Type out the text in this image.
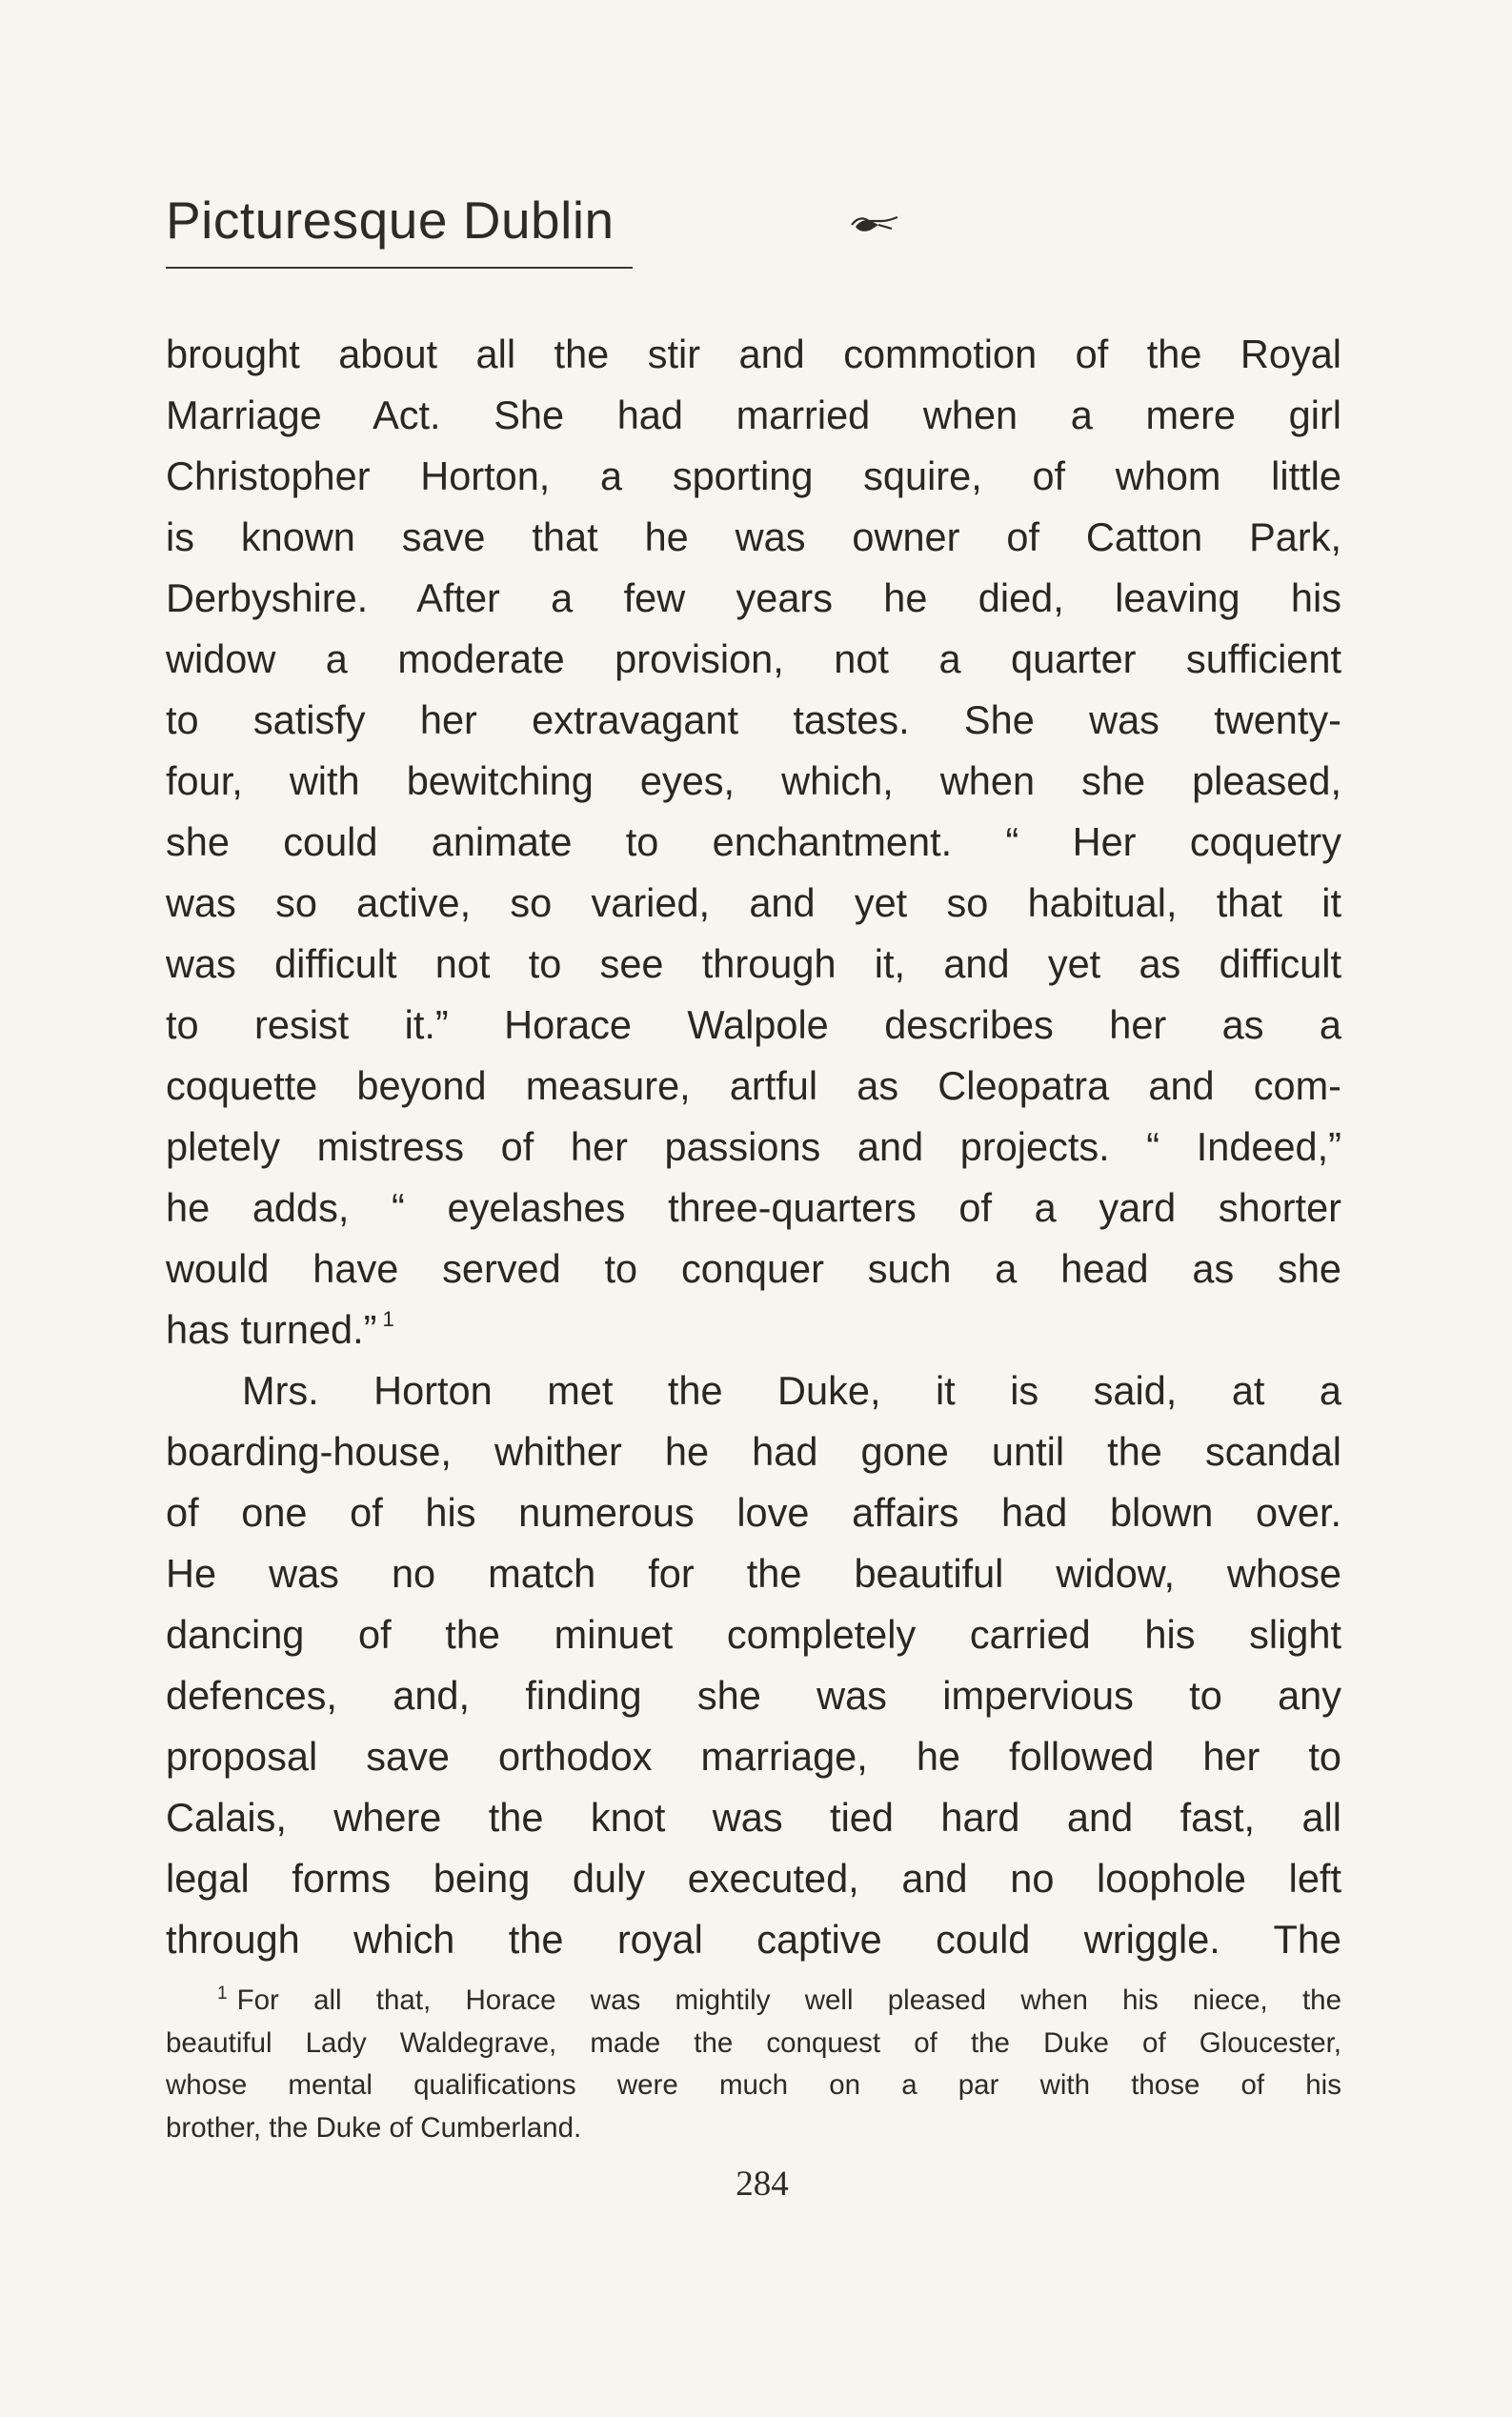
Picturesque Dublin
brought about all the stir and commotion of the Royal
Marriage Act. She had married when a mere girl
Christopher Horton, a sporting squire, of whom little
is known save that he was owner of Catton Park,
Derbyshire. After a few years he died, leaving his
widow a moderate provision, not a quarter sufficient
to satisfy her extravagant tastes. She was twenty-
four, with bewitching eyes, which, when she pleased,
she could animate to enchantment. “ Her coquetry
was so active, so varied, and yet so habitual, that it
was difficult not to see through it, and yet as difficult
to resist it.” Horace Walpole describes her as a
coquette beyond measure, artful as Cleopatra and com-
pletely mistress of her passions and projects. “ Indeed,”
he adds, “ eyelashes three-quarters of a yard shorter
would have served to conquer such a head as she
has turned.” $^1$
Mrs. Horton met the Duke, it is said, at a
boarding-house, whither he had gone until the scandal
of one of his numerous love affairs had blown over.
He was no match for the beautiful widow, whose
dancing of the minuet completely carried his slight
defences, and, finding she was impervious to any
proposal save orthodox marriage, he followed her to
Calais, where the knot was tied hard and fast, all
legal forms being duly executed, and no loophole left
through which the royal captive could wriggle. The
$^1$ For all that, Horace was mightily well pleased when his niece, the
beautiful Lady Waldegrave, made the conquest of the Duke of Gloucester,
whose mental qualifications were much on a par with those of his
brother, the Duke of Cumberland.
284
